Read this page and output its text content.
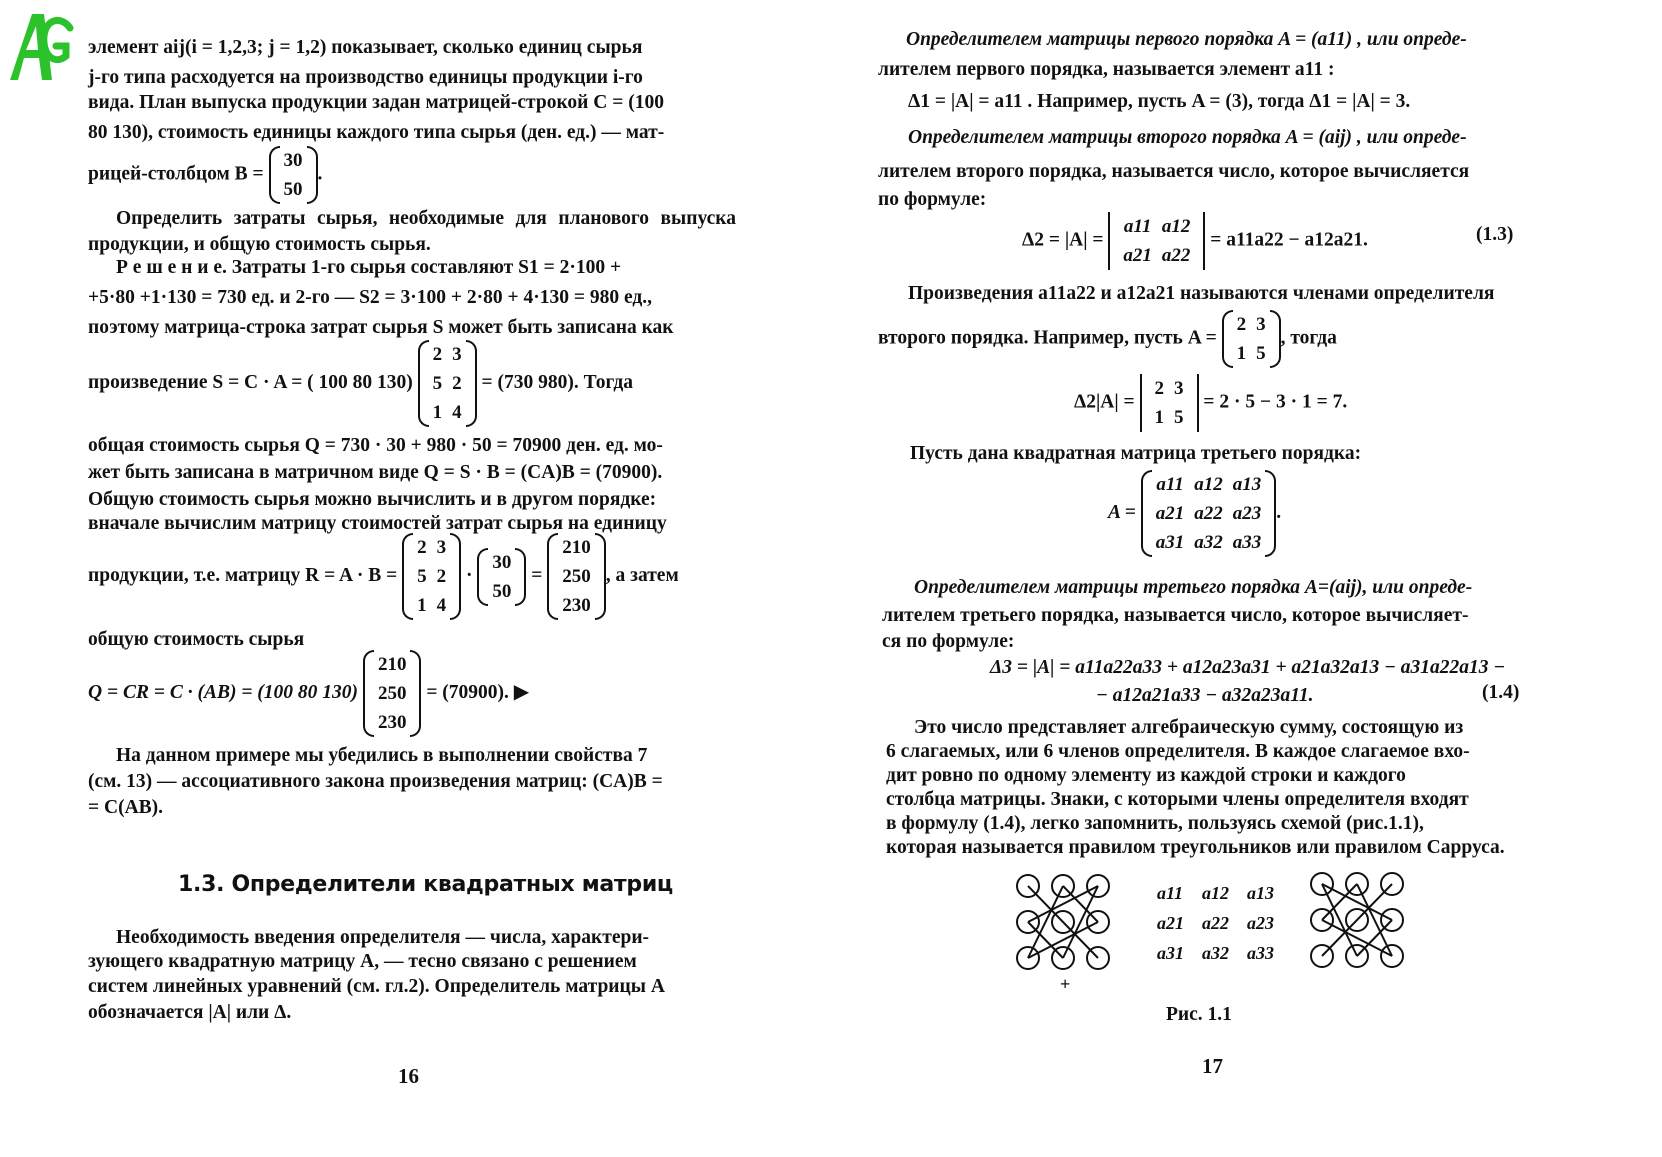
элемент aij(i = 1,2,3; j = 1,2) показывает, сколько единиц сырья
j-го типа расходуется на производство единицы продукции i-го
вида. План выпуска продукции задан матрицей-строкой C = (100
80 130), стоимость единицы каждого типа сырья (ден. ед.) — мат-
рицей-столбцом B =
30
50
.
Определить затраты сырья, необходимые для планового выпуска продукции, и общую стоимость сырья.
Р е ш е н и е. Затраты 1-го сырья составляют S1 = 2·100 +
+5·80 +1·130 = 730 ед. и 2-го — S2 = 3·100 + 2·80 + 4·130 = 980 ед.,
поэтому матрица-строка затрат сырья S может быть записана как
произведение S = C · A = ( 100 80 130)
2	3
5	2
1	4
= (730 980). Тогда
общая стоимость сырья Q = 730 · 30 + 980 · 50 = 70900 ден. ед. мо-
жет быть записана в матричном виде Q = S · B = (CA)B = (70900).
Общую стоимость сырья можно вычислить и в другом порядке:
вначале вычислим матрицу стоимостей затрат сырья на единицу
продукции, т.е. матрицу R = A · B =
2	3
5	2
1	4
·
30
50
=
210
250
230
, а затем
общую стоимость сырья
Q = CR = C · (AB) = (100 80 130)
210
250
230
= (70900). ▶
На данном примере мы убедились в выполнении свойства 7
(см. 13) — ассоциативного закона произведения матриц: (CA)B =
= C(AB).
1.3. Определители квадратных матриц
Необходимость введения определителя — числа, характери-
зующего квадратную матрицу A, — тесно связано с решением
систем линейных уравнений (см. гл.2). Определитель матрицы A
обозначается |A| или Δ.
16
Определителем матрицы первого порядка A = (a11) , или опреде-
лителем первого порядка, называется элемент a11 :
Δ1 = |A| = a11 . Например, пусть A = (3), тогда Δ1 = |A| = 3.
Определителем матрицы второго порядка A = (aij) , или опреде-
лителем второго порядка, называется число, которое вычисляется
по формуле:
Δ2 = |A| =
a11	a12
a21	a22
= a11a22 − a12a21.	(1.3)
Произведения a11a22 и a12a21 называются членами определителя
второго порядка. Например, пусть A =
2	3
1	5
, тогда
Δ2|A| =
2	3
1	5
= 2 · 5 − 3 · 1 = 7.
Пусть дана квадратная матрица третьего порядка:
A =
a11	a12	a13
a21	a22	a23
a31	a32	a33
.
Определителем матрицы третьего порядка A=(aij), или опреде-
лителем третьего порядка, называется число, которое вычисляет-
ся по формуле:
Δ3 = |A| = a11a22a33 + a12a23a31 + a21a32a13 − a31a22a13 −
− a12a21a33 − a32a23a11.	(1.4)
Это число представляет алгебраическую сумму, состоящую из
6 слагаемых, или 6 членов определителя. В каждое слагаемое вхо-
дит ровно по одному элементу из каждой строки и каждого
столбца матрицы. Знаки, с которыми члены определителя входят
в формулу (1.4), легко запомнить, пользуясь схемой (рис.1.1),
которая называется правилом треугольников или правилом Сарруса.
+
a11	a12	a13
a21	a22	a23
a31	a32	a33
Рис. 1.1
17
